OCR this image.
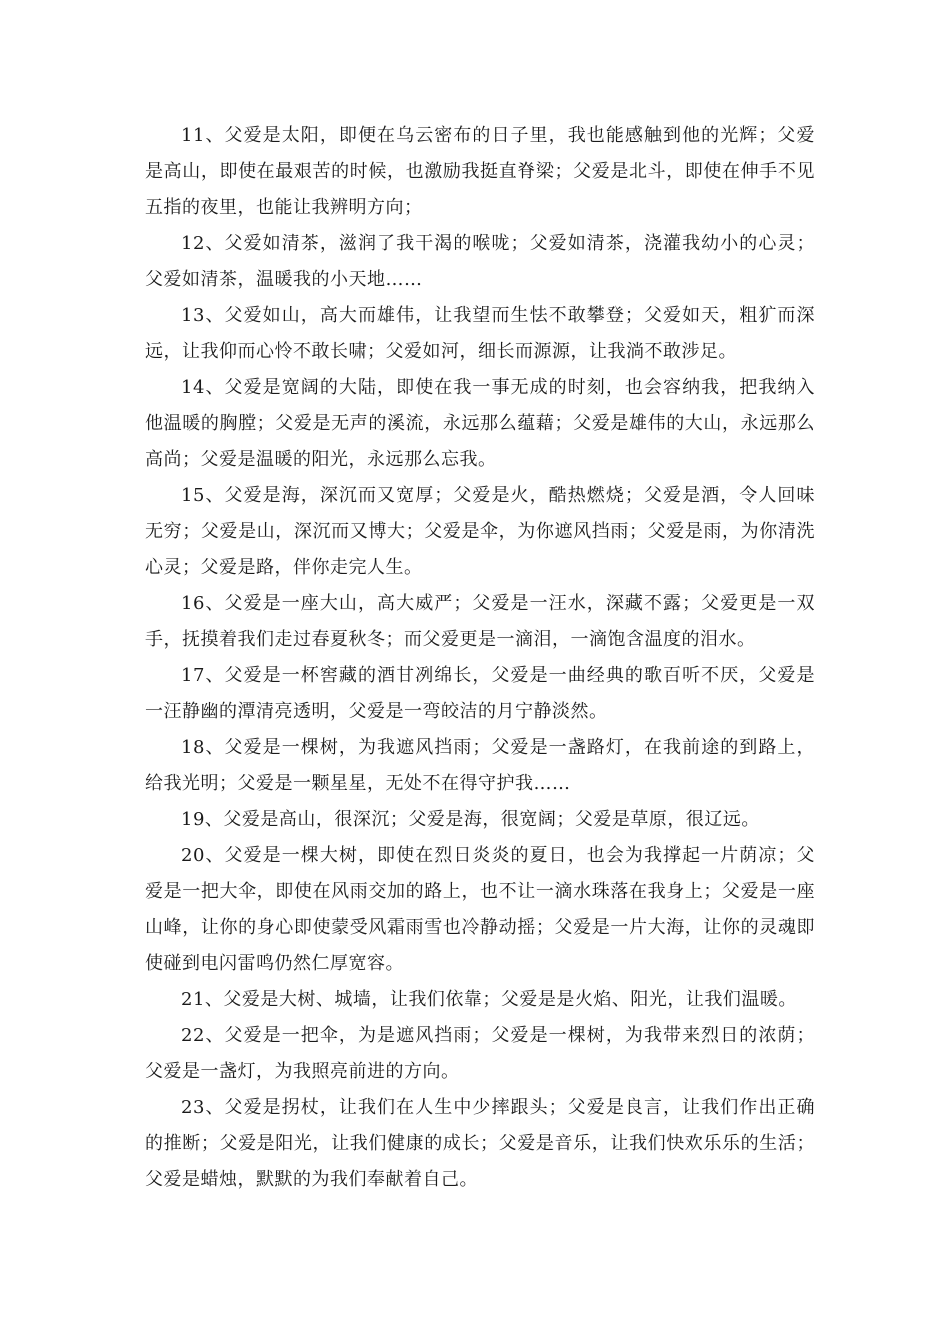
11、父爱是太阳，即便在乌云密布的日子里，我也能感触到他的光辉；父爱是高山，即使在最艰苦的时候，也激励我挺直脊梁；父爱是北斗，即使在伸手不见五指的夜里，也能让我辨明方向；

12、父爱如清茶，滋润了我干渴的喉咙；父爱如清茶，浇灌我幼小的心灵；父爱如清茶，温暖我的小天地……

13、父爱如山，高大而雄伟，让我望而生怯不敢攀登；父爱如天，粗犷而深远，让我仰而心怜不敢长啸；父爱如河，细长而源源，让我淌不敢涉足。

14、父爱是宽阔的大陆，即使在我一事无成的时刻，也会容纳我，把我纳入他温暖的胸膛；父爱是无声的溪流，永远那么蕴藉；父爱是雄伟的大山，永远那么高尚；父爱是温暖的阳光，永远那么忘我。

15、父爱是海，深沉而又宽厚；父爱是火，酷热燃烧；父爱是酒，令人回味无穷；父爱是山，深沉而又博大；父爱是伞，为你遮风挡雨；父爱是雨，为你清洗心灵；父爱是路，伴你走完人生。

16、父爱是一座大山，高大威严；父爱是一汪水，深藏不露；父爱更是一双手，抚摸着我们走过春夏秋冬；而父爱更是一滴泪，一滴饱含温度的泪水。

17、父爱是一杯窖藏的酒甘冽绵长，父爱是一曲经典的歌百听不厌，父爱是一汪静幽的潭清亮透明，父爱是一弯皎洁的月宁静淡然。

18、父爱是一棵树，为我遮风挡雨；父爱是一盏路灯，在我前途的到路上，给我光明；父爱是一颗星星，无处不在得守护我……

19、父爱是高山，很深沉；父爱是海，很宽阔；父爱是草原，很辽远。

20、父爱是一棵大树，即使在烈日炎炎的夏日，也会为我撑起一片荫凉；父爱是一把大伞，即使在风雨交加的路上，也不让一滴水珠落在我身上；父爱是一座山峰，让你的身心即使蒙受风霜雨雪也冷静动摇；父爱是一片大海，让你的灵魂即使碰到电闪雷鸣仍然仁厚宽容。

21、父爱是大树、城墙，让我们依靠；父爱是是火焰、阳光，让我们温暖。

22、父爱是一把伞，为是遮风挡雨；父爱是一棵树，为我带来烈日的浓荫；父爱是一盏灯，为我照亮前进的方向。

23、父爱是拐杖，让我们在人生中少摔跟头；父爱是良言，让我们作出正确的推断；父爱是阳光，让我们健康的成长；父爱是音乐，让我们快欢乐乐的生活；父爱是蜡烛，默默的为我们奉献着自己。
